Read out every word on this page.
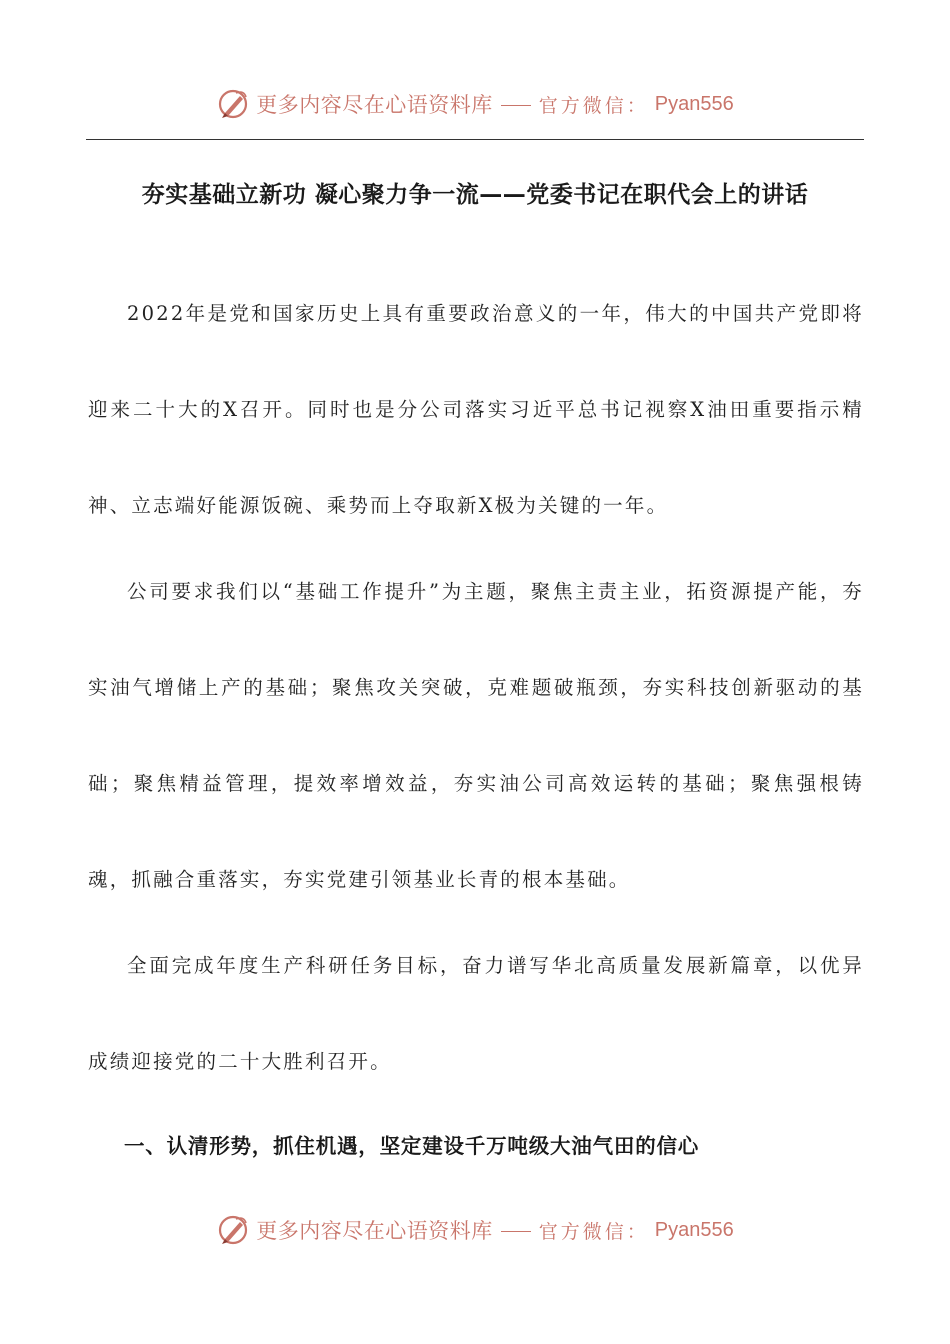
更多内容尽在心语资料库 官方微信： Pyan556
夯实基础立新功 凝心聚力争一流——党委书记在职代会上的讲话

2022年是党和国家历史上具有重要政治意义的一年，伟大的中国共产党即将迎来二十大的X召开。同时也是分公司落实习近平总书记视察X油田重要指示精神、立志端好能源饭碗、乘势而上夺取新X极为关键的一年。

公司要求我们以“基础工作提升”为主题，聚焦主责主业，拓资源提产能，夯实油气增储上产的基础；聚焦攻关突破，克难题破瓶颈，夯实科技创新驱动的基础；聚焦精益管理，提效率增效益，夯实油公司高效运转的基础；聚焦强根铸魂，抓融合重落实，夯实党建引领基业长青的根本基础。

全面完成年度生产科研任务目标，奋力谱写华北高质量发展新篇章，以优异成绩迎接党的二十大胜利召开。

一、认清形势，抓住机遇，坚定建设千万吨级大油气田的信心
更多内容尽在心语资料库 官方微信： Pyan556
